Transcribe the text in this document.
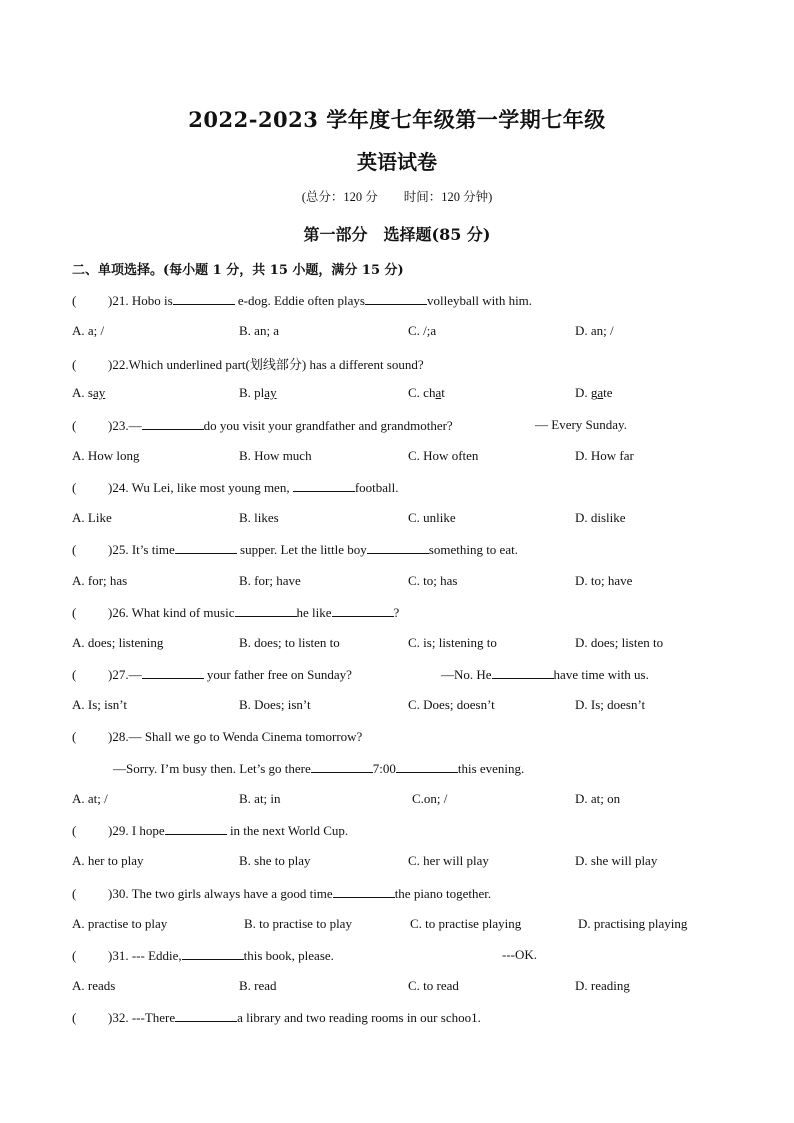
2022-2023 学年度七年级第一学期七年级
英语试卷
(总分：120 分 时间：120 分钟)
第一部分　选择题(85 分)
二、单项选择。(每小题 1 分，共 15 小题，满分 15 分)
( )21. Hobo is	e-dog. Eddie often plays	volleyball with him.
A. a; /	B. an; a	C. /;a	D. an; /
( )22.Which underlined part(划线部分) has a different sound?
A. say	B. play	C. chat	D. gate
( )23.—	do you visit your grandfather and grandmother?	— Every Sunday.
A. How long	B. How much	C. How often	D. How far
( )24. Wu Lei, like most young men,	football.
A. Like	B. likes	C. unlike	D. dislike
( )25. It’s time	supper. Let the little boy	something to eat.
A. for; has	B. for; have	C. to; has	D. to; have
( )26. What kind of music	he like	?
A. does; listening	B. does; to listen to	C. is; listening to	D. does; listen to
( )27.—	your father free on Sunday?	—No. He	have time with us.
A. Is; isn’t	B. Does; isn’t	C. Does; doesn’t	D. Is; doesn’t
( )28.— Shall we go to Wenda Cinema tomorrow?
—Sorry. I’m busy then. Let’s go there	7:00	this evening.
A. at; /	B. at; in	C.on; /	D. at; on
( )29. I hope	in the next World Cup.
A. her to play	B. she to play	C. her will play	D. she will play
( )30. The two girls always have a good time	the piano together.
A. practise to play	B. to practise to play	C. to practise playing	D. practising playing
( )31. --- Eddie,	this book, please.	---OK.
A. reads	B. read	C. to read	D. reading
( )32. ---There	a library and two reading rooms in our schoo1.
